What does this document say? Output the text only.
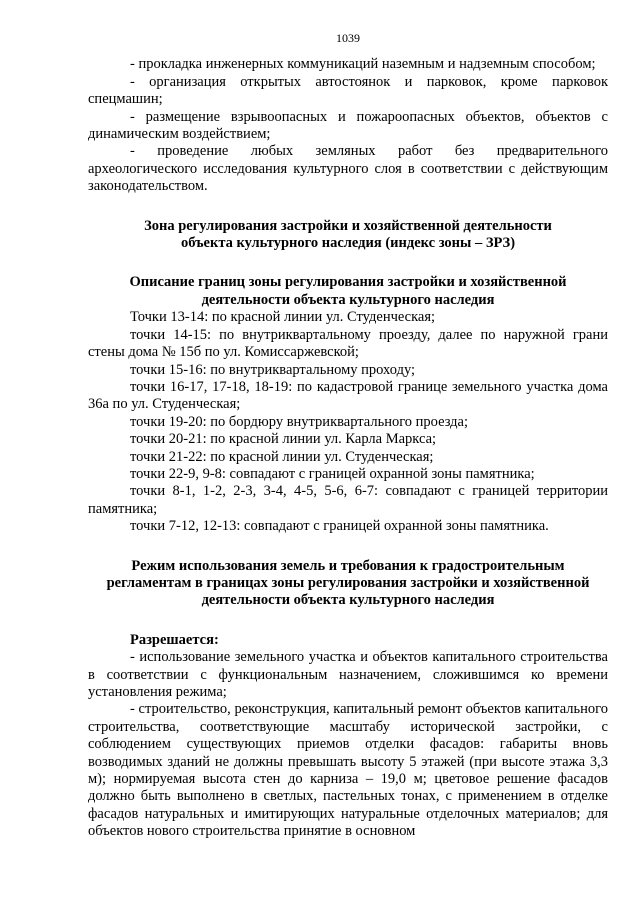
1039

- прокладка инженерных коммуникаций наземным и надземным способом;

- организация открытых автостоянок и парковок, кроме парковок спецмашин;

- размещение взрывоопасных и пожароопасных объектов, объектов с динамическим воздействием;

- проведение любых земляных работ без предварительного археологического исследования культурного слоя в соответствии с действующим законодательством.

Зона регулирования застройки и хозяйственной деятельности

объекта культурного наследия (индекс зоны – ЗРЗ)

Описание границ зоны регулирования застройки и хозяйственной

деятельности объекта культурного наследия

Точки 13-14: по красной линии ул. Студенческая;

точки 14-15: по внутриквартальному проезду, далее по наружной грани стены дома № 15б по ул. Комиссаржевской;

точки 15-16: по внутриквартальному проходу;

точки 16-17, 17-18, 18-19: по кадастровой границе земельного участка дома 36а по ул. Студенческая;

точки 19-20: по бордюру внутриквартального проезда;

точки 20-21: по красной линии ул. Карла Маркса;

точки 21-22: по красной линии ул. Студенческая;

точки 22-9, 9-8: совпадают с границей охранной зоны памятника;

точки 8-1, 1-2, 2-3, 3-4, 4-5, 5-6, 6-7: совпадают с границей территории памятника;

точки 7-12, 12-13: совпадают с границей охранной зоны памятника.

Режим использования земель и требования к градостроительным

регламентам в границах зоны регулирования застройки и хозяйственной

деятельности объекта культурного наследия

Разрешается:

- использование земельного участка и объектов капитального строительства в соответствии с функциональным назначением, сложившимся ко времени установления режима;

- строительство, реконструкция, капитальный ремонт объектов капитального строительства, соответствующие масштабу исторической застройки, с соблюдением существующих приемов отделки фасадов: габариты вновь возводимых зданий не должны превышать высоту 5 этажей (при высоте этажа 3,3 м); нормируемая высота стен до карниза – 19,0 м; цветовое решение фасадов должно быть выполнено в светлых, пастельных тонах, с применением в отделке фасадов натуральных и имитирующих натуральные отделочных материалов; для объектов нового строительства принятие в основном
